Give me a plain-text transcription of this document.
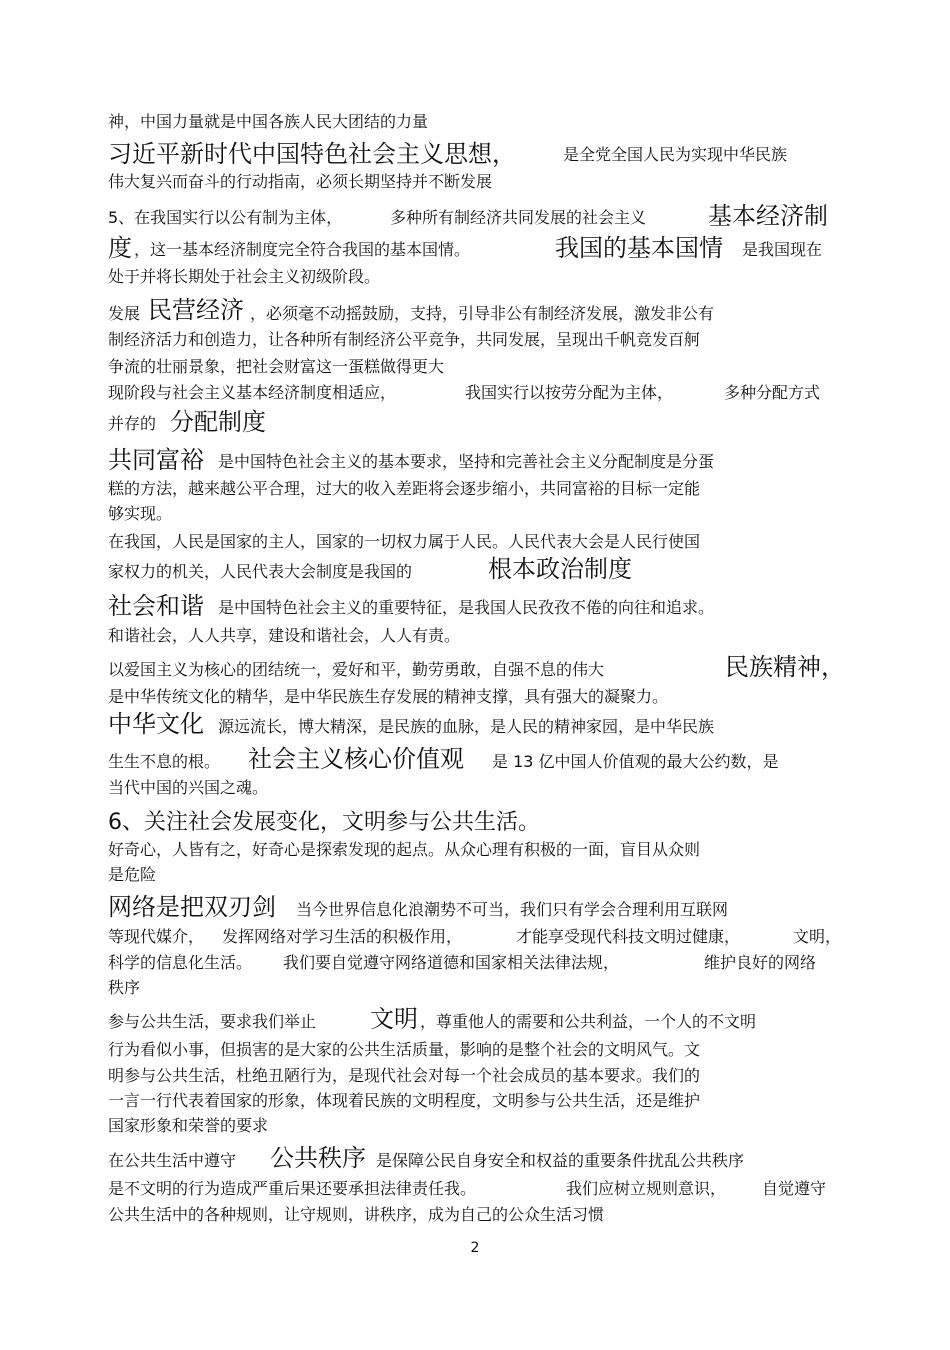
神，中国力量就是中国各族人民大团结的力量
习近平新时代中国特色社会主义思想，	是全党全国人民为实现中华民族
伟大复兴而奋斗的行动指南，必须长期坚持并不断发展
5、在我国实行以公有制为主体，	多种所有制经济共同发展的社会主义	基本经济制
度 ，这一基本经济制度完全符合我国的基本国情。	我国的基本国情 是我国现在
处于并将长期处于社会主义初级阶段。
发展 民营经济 ，必须毫不动摇鼓励，支持，引导非公有制经济发展，激发非公有
制经济活力和创造力，让各种所有制经济公平竞争，共同发展，呈现出千帆竞发百舸
争流的壮丽景象，把社会财富这一蛋糕做得更大
现阶段与社会主义基本经济制度相适应，	我国实行以按劳分配为主体，	多种分配方式
并存的 分配制度
共同富裕 是中国特色社会主义的基本要求，坚持和完善社会主义分配制度是分蛋
糕的方法，越来越公平合理，过大的收入差距将会逐步缩小，共同富裕的目标一定能
够实现。
在我国，人民是国家的主人，国家的一切权力属于人民。人民代表大会是人民行使国
家权力的机关，人民代表大会制度是我国的	根本政治制度
社会和谐 是中国特色社会主义的重要特征，是我国人民孜孜不倦的向往和追求。
和谐社会，人人共享，建设和谐社会，人人有责。
以爱国主义为核心的团结统一，爱好和平，勤劳勇敢，自强不息的伟大	民族精神，
是中华传统文化的精华，是中华民族生存发展的精神支撑，具有强大的凝聚力。
中华文化 源远流长，博大精深，是民族的血脉，是人民的精神家园，是中华民族
生生不息的根。 社会主义核心价值观 是 13 亿中国人价值观的最大公约数，是
当代中国的兴国之魂。
6、关注社会发展变化，文明参与公共生活。
好奇心，人皆有之，好奇心是探索发现的起点。从众心理有积极的一面，盲目从众则
是危险
网络是把双刃剑 当今世界信息化浪潮势不可当，我们只有学会合理利用互联网
等现代媒介， 发挥网络对学习生活的积极作用，	才能享受现代科技文明过健康，	文明，
科学的信息化生活。 我们要自觉遵守网络道德和国家相关法律法规，	维护良好的网络
秩序
参与公共生活，要求我们举止 文明 ，尊重他人的需要和公共利益，一个人的不文明
行为看似小事，但损害的是大家的公共生活质量，影响的是整个社会的文明风气。文
明参与公共生活，杜绝丑陋行为，是现代社会对每一个社会成员的基本要求。我们的
一言一行代表着国家的形象，体现着民族的文明程度，文明参与公共生活，还是维护
国家形象和荣誉的要求
在公共生活中遵守 公共秩序 是保障公民自身安全和权益的重要条件扰乱公共秩序
是不文明的行为造成严重后果还要承担法律责任我。	我们应树立规则意识， 自觉遵守
公共生活中的各种规则，让守规则，讲秩序，成为自己的公众生活习惯
2
